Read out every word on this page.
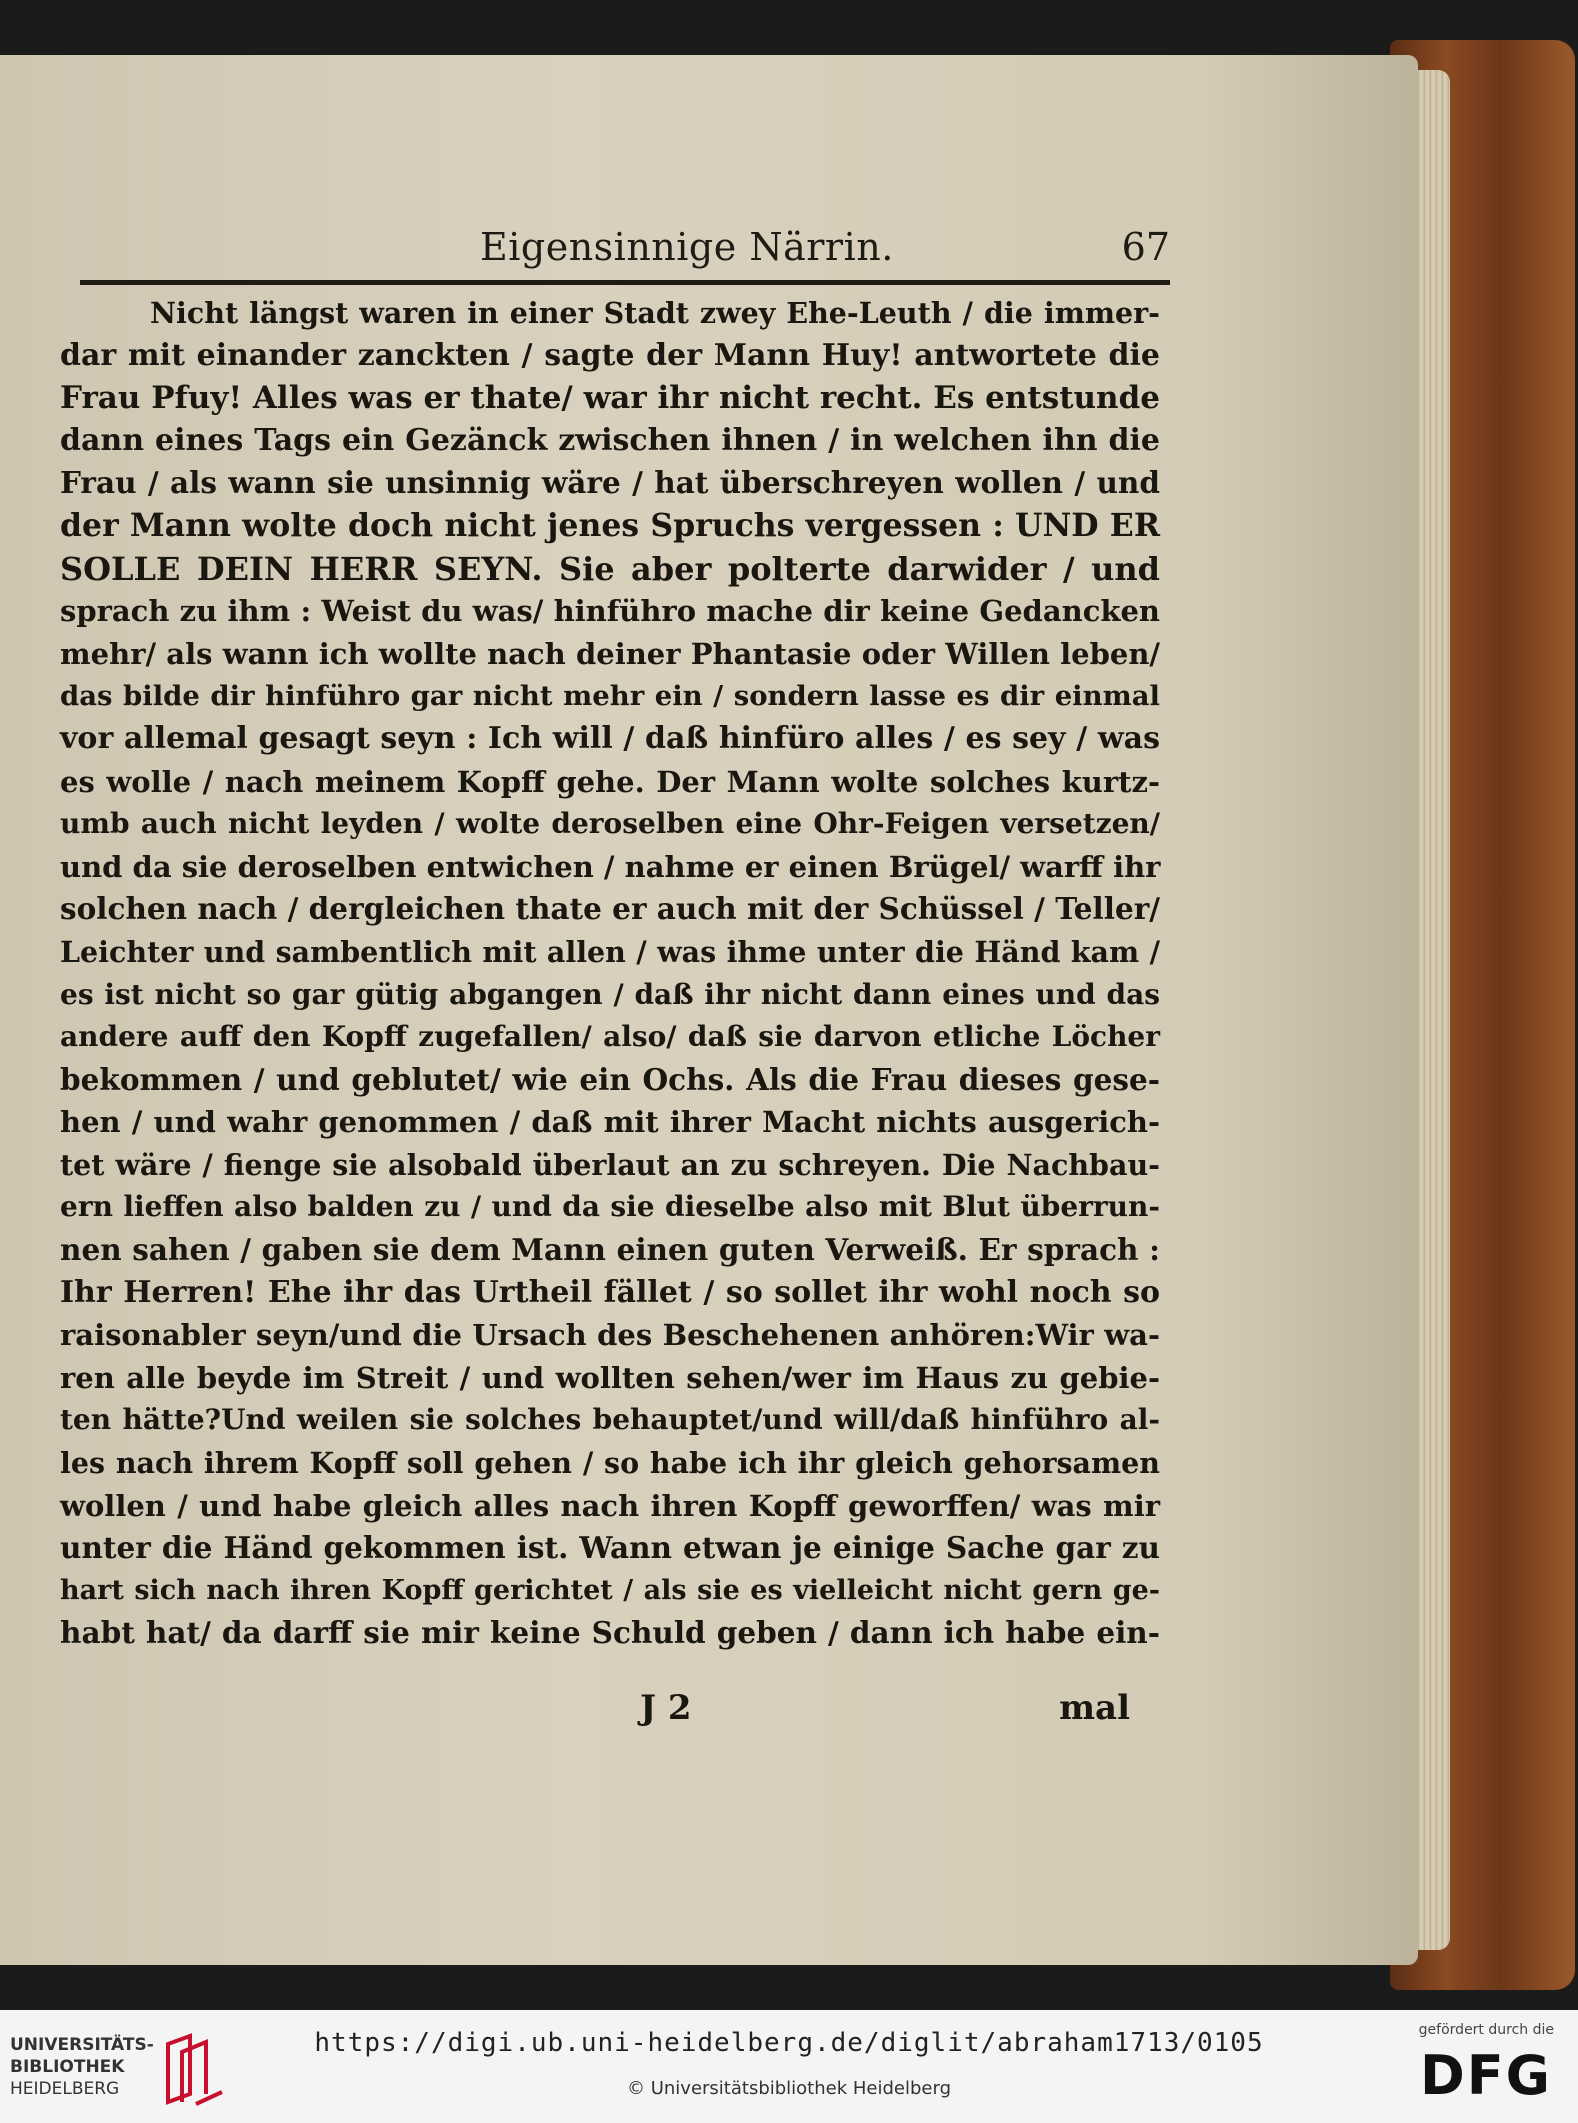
Eigensinnige Närrin.	67
Nicht längst waren in einer Stadt zwey Ehe-Leuth / die immer-
dar mit einander zanckten / sagte der Mann Huy! antwortete die
Frau Pfuy! Alles was er thate/ war ihr nicht recht. Es entstunde
dann eines Tags ein Gezänck zwischen ihnen / in welchen ihn die
Frau / als wann sie unsinnig wäre / hat überschreyen wollen / und
der Mann wolte doch nicht jenes Spruchs vergessen : UND ER
SOLLE DEIN HERR SEYN. Sie aber polterte darwider / und
sprach zu ihm : Weist du was/ hinführo mache dir keine Gedancken
mehr/ als wann ich wollte nach deiner Phantasie oder Willen leben/
das bilde dir hinführo gar nicht mehr ein / sondern lasse es dir einmal
vor allemal gesagt seyn : Ich will / daß hinfüro alles / es sey / was
es wolle / nach meinem Kopff gehe. Der Mann wolte solches kurtz-
umb auch nicht leyden / wolte deroselben eine Ohr-Feigen versetzen/
und da sie deroselben entwichen / nahme er einen Brügel/ warff ihr
solchen nach / dergleichen thate er auch mit der Schüssel / Teller/
Leichter und sambentlich mit allen / was ihme unter die Händ kam /
es ist nicht so gar gütig abgangen / daß ihr nicht dann eines und das
andere auff den Kopff zugefallen/ also/ daß sie darvon etliche Löcher
bekommen / und geblutet/ wie ein Ochs. Als die Frau dieses gese-
hen / und wahr genommen / daß mit ihrer Macht nichts ausgerich-
tet wäre / fienge sie alsobald überlaut an zu schreyen. Die Nachbau-
ern lieffen also balden zu / und da sie dieselbe also mit Blut überrun-
nen sahen / gaben sie dem Mann einen guten Verweiß. Er sprach :
Ihr Herren! Ehe ihr das Urtheil fället / so sollet ihr wohl noch so
raisonabler seyn/und die Ursach des Beschehenen anhören:Wir wa-
ren alle beyde im Streit / und wollten sehen/wer im Haus zu gebie-
ten hätte?Und weilen sie solches behauptet/und will/daß hinführo al-
les nach ihrem Kopff soll gehen / so habe ich ihr gleich gehorsamen
wollen / und habe gleich alles nach ihren Kopff geworffen/ was mir
unter die Händ gekommen ist. Wann etwan je einige Sache gar zu
hart sich nach ihren Kopff gerichtet / als sie es vielleicht nicht gern ge-
habt hat/ da darff sie mir keine Schuld geben / dann ich habe ein-
J 2	mal
UNIVERSITÄTS-
BIBLIOTHEK
HEIDELBERG
https://digi.ub.uni-heidelberg.de/diglit/abraham1713/0105
© Universitätsbibliothek Heidelberg
gefördert durch die
DFG
